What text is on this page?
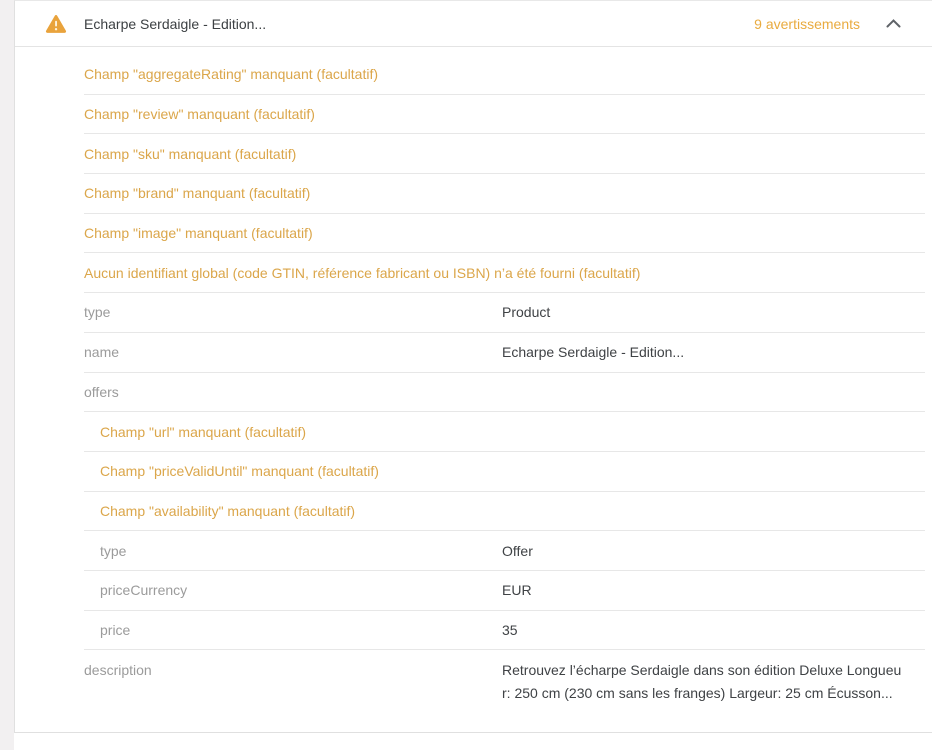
Echarpe Serdaigle - Edition...	9 avertissements
Champ "aggregateRating" manquant (facultatif)
Champ "review" manquant (facultatif)
Champ "sku" manquant (facultatif)
Champ "brand" manquant (facultatif)
Champ "image" manquant (facultatif)
Aucun identifiant global (code GTIN, référence fabricant ou ISBN) n’a été fourni (facultatif)
type	Product
name	Echarpe Serdaigle - Edition...
offers
Champ "url" manquant (facultatif)
Champ "priceValidUntil" manquant (facultatif)
Champ "availability" manquant (facultatif)
type	Offer
priceCurrency	EUR
price	35
description	Retrouvez l’écharpe Serdaigle dans son édition Deluxe Longueur: 250 cm (230 cm sans les franges) Largeur: 25 cm Écusson...
